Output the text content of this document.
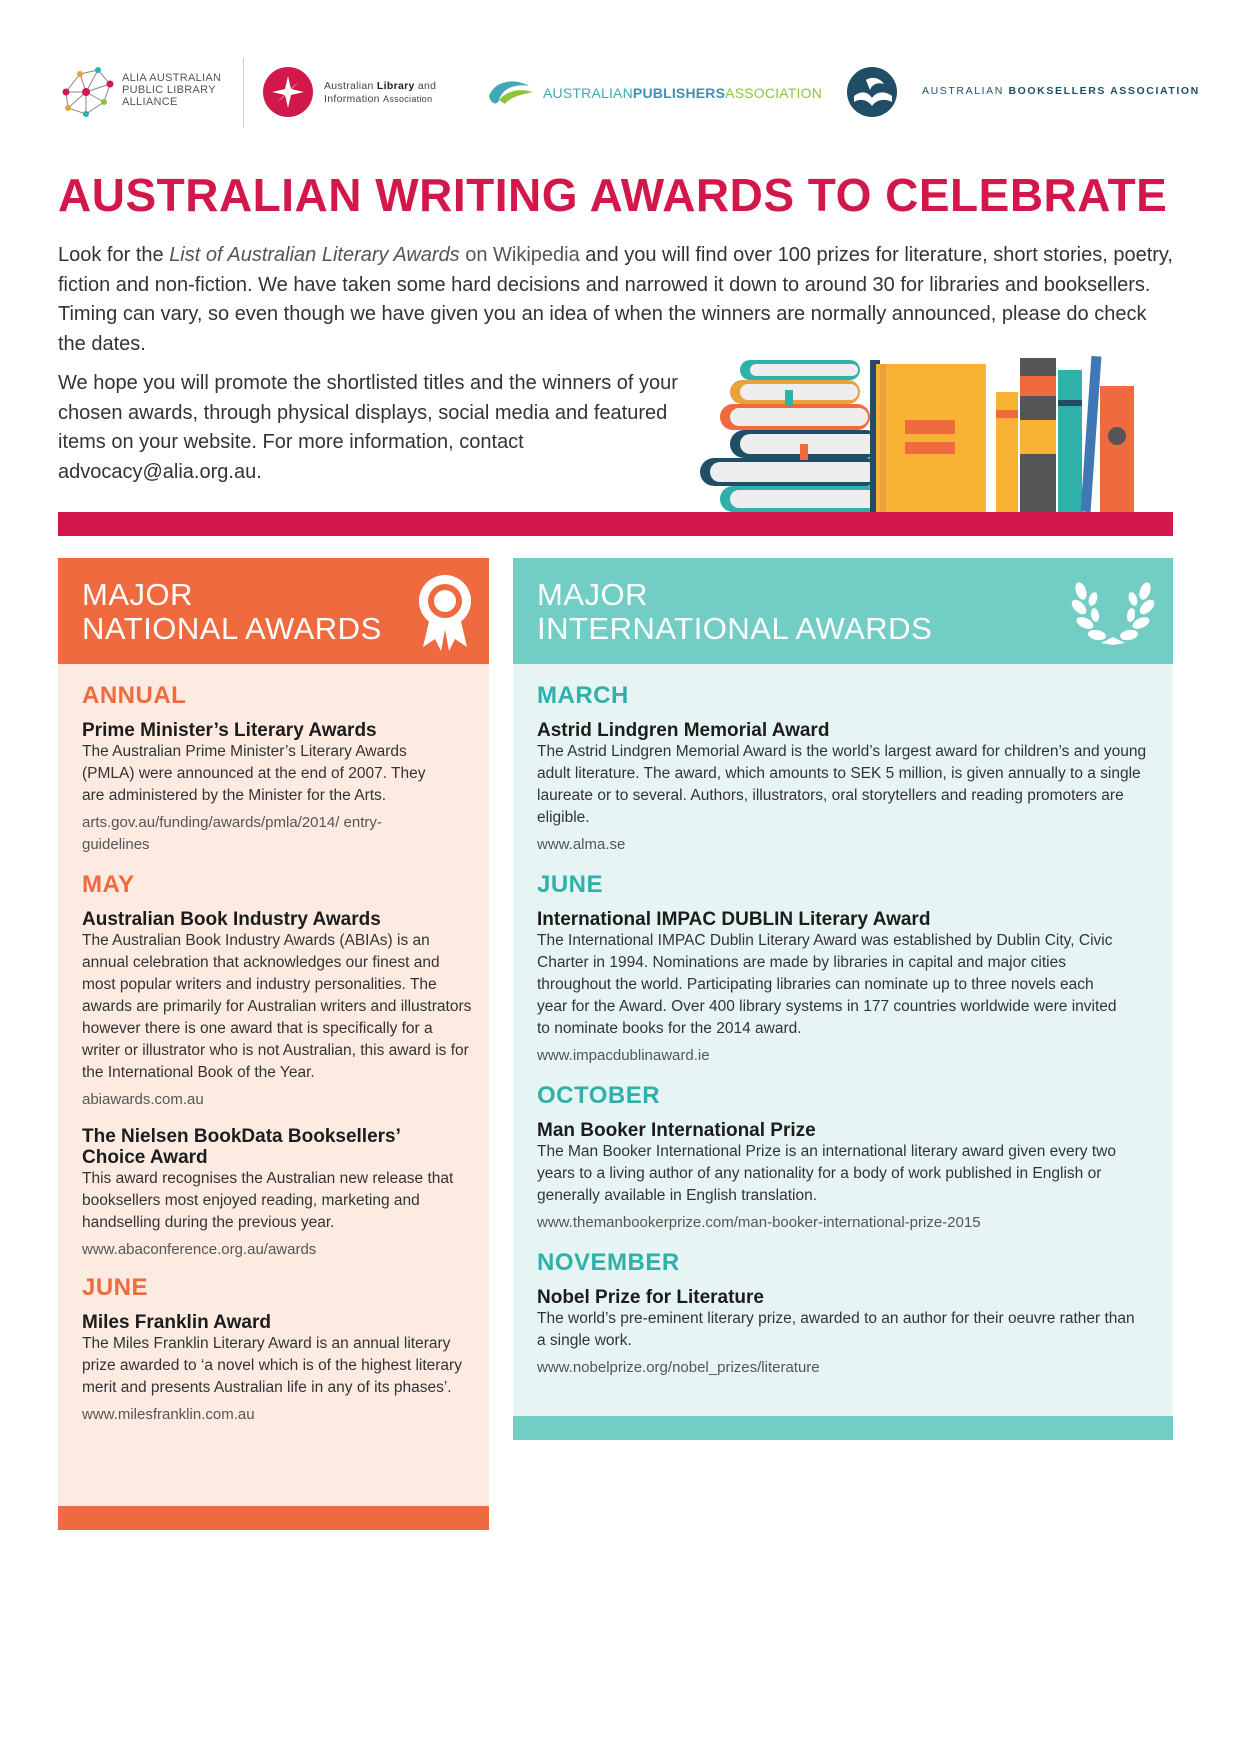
ALIA AUSTRALIAN
PUBLIC LIBRARY
ALLIANCE
Australian Library and
Information Association	AUSTRALIANPUBLISHERSASSOCIATION	AUSTRALIAN BOOKSELLERS ASSOCIATION
AUSTRALIAN WRITING AWARDS TO CELEBRATE
Look for the List of Australian Literary Awards on Wikipedia and you will find over 100 prizes for literature, short stories, poetry, fiction and non-fiction. We have taken some hard decisions and narrowed it down to around 30 for libraries and booksellers. Timing can vary, so even though we have given you an idea of when the winners are normally announced, please do check the dates.
We hope you will promote the shortlisted titles and the winners of your chosen awards, through physical displays, social media and featured items on your website. For more information, contact advocacy@alia.org.au.
MAJOR
NATIONAL AWARDS
ANNUAL
Prime Minister’s Literary Awards
The Australian Prime Minister’s Literary Awards (PMLA) were announced at the end of 2007. They are administered by the Minister for the Arts.
arts.gov.au/funding/awards/pmla/2014/ entry-guidelines
MAY
Australian Book Industry Awards
The Australian Book Industry Awards (ABIAs) is an annual celebration that acknowledges our finest and most popular writers and industry personalities. The awards are primarily for Australian writers and illustrators however there is one award that is specifically for a writer or illustrator who is not Australian, this award is for the International Book of the Year.
abiawards.com.au
The Nielsen BookData Booksellers’ Choice Award
This award recognises the Australian new release that booksellers most enjoyed reading, marketing and handselling during the previous year.
www.abaconference.org.au/awards
JUNE
Miles Franklin Award
The Miles Franklin Literary Award is an annual literary prize awarded to ‘a novel which is of the highest literary merit and presents Australian life in any of its phases’.
www.milesfranklin.com.au
MAJOR
INTERNATIONAL AWARDS
MARCH
Astrid Lindgren Memorial Award
The Astrid Lindgren Memorial Award is the world’s largest award for children’s and young adult literature. The award, which amounts to SEK 5 million, is given annually to a single laureate or to several. Authors, illustrators, oral storytellers and reading promoters are eligible.
www.alma.se
JUNE
International IMPAC DUBLIN Literary Award
The International IMPAC Dublin Literary Award was established by Dublin City, Civic Charter in 1994. Nominations are made by libraries in capital and major cities throughout the world. Participating libraries can nominate up to three novels each year for the Award. Over 400 library systems in 177 countries worldwide were invited to nominate books for the 2014 award.
www.impacdublinaward.ie
OCTOBER
Man Booker International Prize
The Man Booker International Prize is an international literary award given every two years to a living author of any nationality for a body of work published in English or generally available in English translation.
www.themanbookerprize.com/man-booker-international-prize-2015
NOVEMBER
Nobel Prize for Literature
The world’s pre-eminent literary prize, awarded to an author for their oeuvre rather than a single work.
www.nobelprize.org/nobel_prizes/literature
